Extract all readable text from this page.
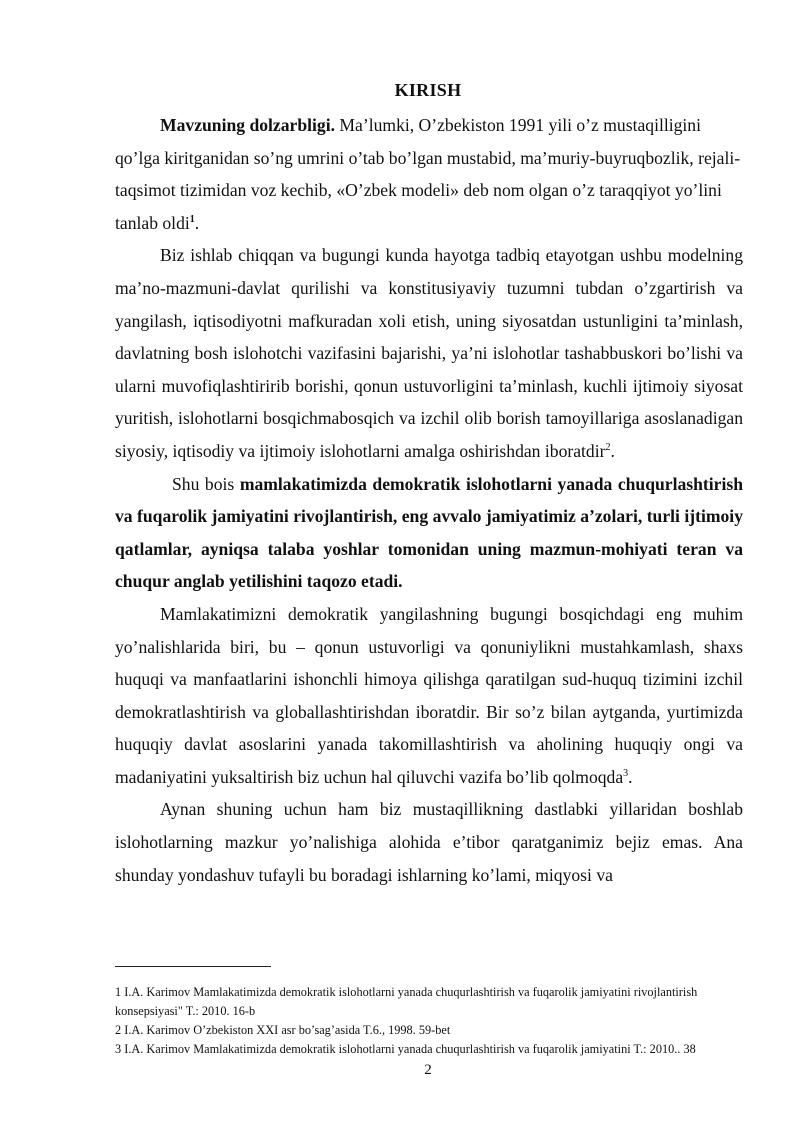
KIRISH

Mavzuning dolzarbligi. Ma’lumki, O’zbekiston 1991 yili o’z mustaqilligini qo’lga kiritganidan so’ng umrini o’tab bo’lgan mustabid, ma’muriy-buyruqbozlik, rejali-taqsimot tizimidan voz kechib, «O’zbek modeli» deb nom olgan o’z taraqqiyot yo’lini tanlab oldi$^1$.

Biz ishlab chiqqan va bugungi kunda hayotga tadbiq etayotgan ushbu modelning ma’no-mazmuni-davlat qurilishi va konstitusiyaviy tuzumni tubdan o’zgartirish va yangilash, iqtisodiyotni mafkuradan xoli etish, uning siyosatdan ustunligini ta’minlash, davlatning bosh islohotchi vazifasini bajarishi, ya’ni islohotlar tashabbuskori bo’lishi va ularni muvofiqlashtiririb borishi, qonun ustuvorligini ta’minlash, kuchli ijtimoiy siyosat yuritish, islohotlarni bosqichmabosqich va izchil olib borish tamoyillariga asoslanadigan siyosiy, iqtisodiy va ijtimoiy islohotlarni amalga oshirishdan iboratdir$^2$.

Shu bois mamlakatimizda demokratik islohotlarni yanada chuqurlashtirish va fuqarolik jamiyatini rivojlantirish, eng avvalo jamiyatimiz a’zolari, turli ijtimoiy qatlamlar, ayniqsa talaba yoshlar tomonidan uning mazmun-mohiyati teran va chuqur anglab yetilishini taqozo etadi.

Mamlakatimizni demokratik yangilashning bugungi bosqichdagi eng muhim yo’nalishlarida biri, bu – qonun ustuvorligi va qonuniylikni mustahkamlash, shaxs huquqi va manfaatlarini ishonchli himoya qilishga qaratilgan sud-huquq tizimini izchil demokratlashtirish va globallashtirishdan iboratdir. Bir so’z bilan aytganda, yurtimizda huquqiy davlat asoslarini yanada takomillashtirish va aholining huquqiy ongi va madaniyatini yuksaltirish biz uchun hal qiluvchi vazifa bo’lib qolmoqda$^3$.

Aynan shuning uchun ham biz mustaqillikning dastlabki yillaridan boshlab islohotlarning mazkur yo’nalishiga alohida e’tibor qaratganimiz bejiz emas. Ana shunday yondashuv tufayli bu boradagi ishlarning ko’lami, miqyosi va

1 I.A. Karimov Mamlakatimizda demokratik islohotlarni yanada chuqurlashtirish va fuqarolik jamiyatini rivojlantirish konsepsiyasi" T.: 2010. 16-b

2 I.A. Karimov O’zbekiston XXI asr bo’sag’asida T.6., 1998. 59-bet

3 I.A. Karimov Mamlakatimizda demokratik islohotlarni yanada chuqurlashtirish va fuqarolik jamiyatini T.: 2010.. 38

2
